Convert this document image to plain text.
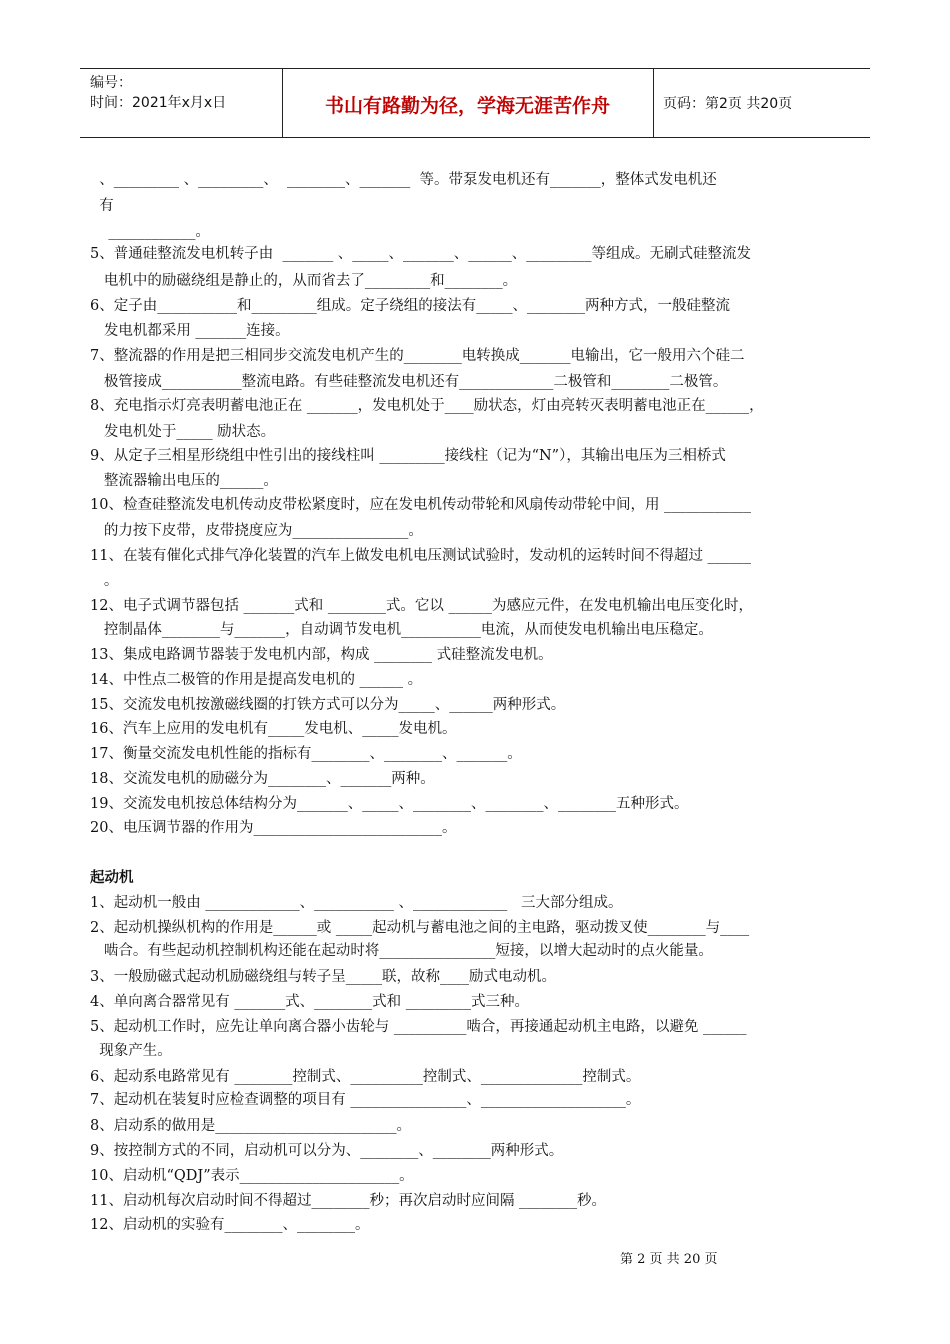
编号：
时间：2021年x月x日	书山有路勤为径，学海无涯苦作舟	页码：第2页 共20页
、_________ 、_________、  ________、_______  等。带泵发电机还有_______，整体式发电机还
有
____________。
5、普通硅整流发电机转子由  _______ 、_____、_______、______、_________等组成。无刷式硅整流发
电机中的励磁绕组是静止的，从而省去了_________和________。
6、定子由___________和_________组成。定子绕组的接法有_____、________两种方式，一般硅整流
发电机都采用 _______连接。
7、整流器的作用是把三相同步交流发电机产生的________电转换成_______电输出，它一般用六个硅二
极管接成___________整流电路。有些硅整流发电机还有_____________二极管和________二极管。
8、充电指示灯亮表明蓄电池正在 _______，发电机处于____励状态，灯由亮转灭表明蓄电池正在______，
发电机处于_____ 励状态。
9、从定子三相星形绕组中性引出的接线柱叫 _________接线柱（记为“N”），其输出电压为三相桥式
整流器输出电压的______。
10、检查硅整流发电机传动皮带松紧度时，应在发电机传动带轮和风扇传动带轮中间，用 ____________
的力按下皮带，皮带挠度应为________________。
11、在装有催化式排气净化装置的汽车上做发电机电压测试试验时，发动机的运转时间不得超过 ______
。
12、电子式调节器包括 _______式和 ________式。它以 ______为感应元件，在发电机输出电压变化时，
控制晶体________与_______，自动调节发电机___________电流，从而使发电机输出电压稳定。
13、集成电路调节器装于发电机内部，构成 ________ 式硅整流发电机。
14、中性点二极管的作用是提高发电机的 ______ 。
15、交流发电机按激磁线圈的打铁方式可以分为_____、______两种形式。
16、汽车上应用的发电机有_____发电机、_____发电机。
17、衡量交流发电机性能的指标有________、________、_______。
18、交流发电机的励磁分为________、_______两种。
19、交流发电机按总体结构分为_______、_____、________、________、________五种形式。
20、电压调节器的作用为__________________________。
起动机
1、起动机一般由 _____________、___________ 、_____________   三大部分组成。
2、起动机操纵机构的作用是______或 _____起动机与蓄电池之间的主电路，驱动拨叉使________与____
啮合。有些起动机控制机构还能在起动时将________________短接，以增大起动时的点火能量。
3、一般励磁式起动机励磁绕组与转子呈_____联，故称____励式电动机。
4、单向离合器常见有 _______式、________式和 _________式三种。
5、起动机工作时，应先让单向离合器小齿轮与 __________啮合，再接通起动机主电路，以避免 ______
现象产生。
6、起动系电路常见有 ________控制式、__________控制式、______________控制式。
7、起动机在装复时应检查调整的项目有 ________________、____________________。
8、启动系的做用是_________________________。
9、按控制方式的不同，启动机可以分为、________、________两种形式。
10、启动机“QDJ”表示______________________。
11、启动机每次启动时间不得超过________秒；再次启动时应间隔 ________秒。
12、启动机的实验有________、________。
第 2 页 共 20 页
